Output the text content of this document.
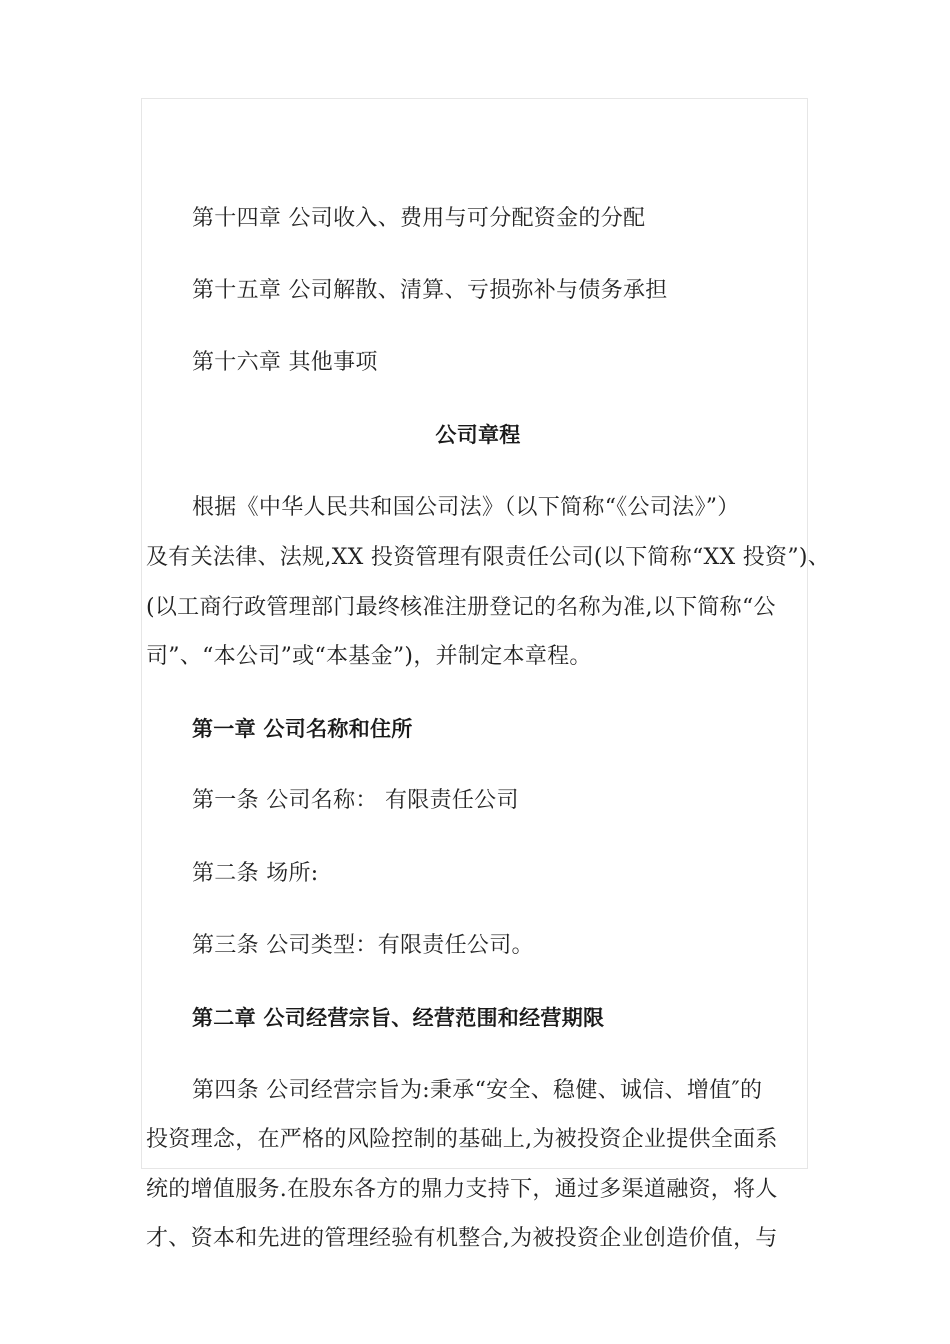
第十四章 公司收入、费用与可分配资金的分配
第十五章 公司解散、清算、亏损弥补与债务承担
第十六章 其他事项
公司章程
根据《中华人民共和国公司法》（以下简称“《公司法》”）
及有关法律、法规,XX 投资管理有限责任公司(以下简称“XX 投资”)、
(以工商行政管理部门最终核准注册登记的名称为准,以下简称“公
司”、“本公司”或“本基金”)，并制定本章程。
第一章 公司名称和住所
第一条 公司名称： 有限责任公司
第二条 场所:
第三条 公司类型：有限责任公司。
第二章 公司经营宗旨、经营范围和经营期限
第四条 公司经营宗旨为:秉承“安全、稳健、诚信、增值″的
投资理念，在严格的风险控制的基础上,为被投资企业提供全面系
统的增值服务.在股东各方的鼎力支持下，通过多渠道融资，将人
才、资本和先进的管理经验有机整合,为被投资企业创造价值，与
